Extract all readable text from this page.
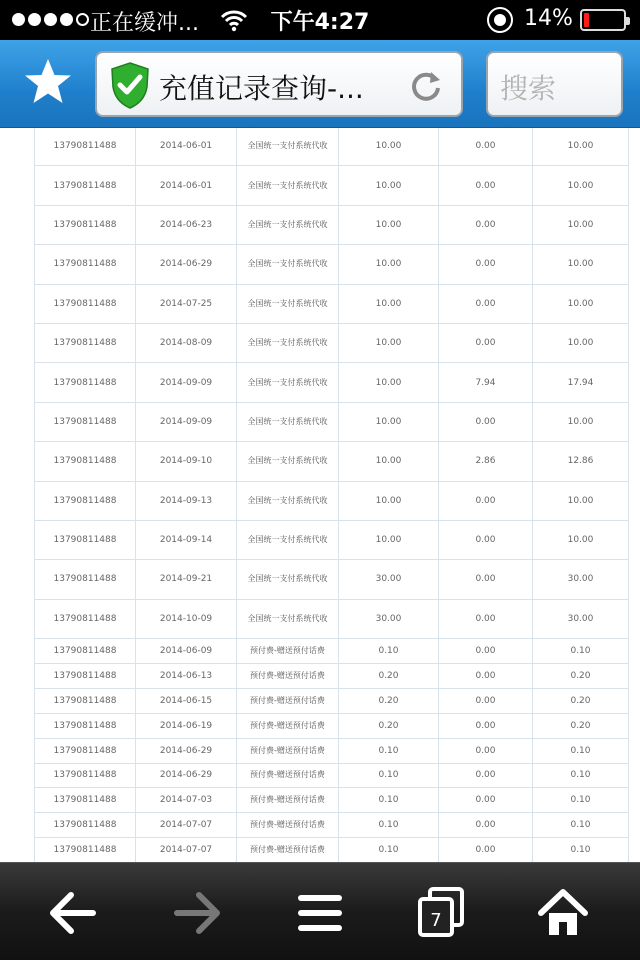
正在缓冲...	下午4:27	14%
充值记录查询-...	搜索
13790811488	2014-06-01	全国统一支付系统代收	10.00	0.00	10.00
13790811488	2014-06-01	全国统一支付系统代收	10.00	0.00	10.00
13790811488	2014-06-23	全国统一支付系统代收	10.00	0.00	10.00
13790811488	2014-06-29	全国统一支付系统代收	10.00	0.00	10.00
13790811488	2014-07-25	全国统一支付系统代收	10.00	0.00	10.00
13790811488	2014-08-09	全国统一支付系统代收	10.00	0.00	10.00
13790811488	2014-09-09	全国统一支付系统代收	10.00	7.94	17.94
13790811488	2014-09-09	全国统一支付系统代收	10.00	0.00	10.00
13790811488	2014-09-10	全国统一支付系统代收	10.00	2.86	12.86
13790811488	2014-09-13	全国统一支付系统代收	10.00	0.00	10.00
13790811488	2014-09-14	全国统一支付系统代收	10.00	0.00	10.00
13790811488	2014-09-21	全国统一支付系统代收	30.00	0.00	30.00
13790811488	2014-10-09	全国统一支付系统代收	30.00	0.00	30.00
13790811488	2014-06-09	预付费-赠送预付话费	0.10	0.00	0.10
13790811488	2014-06-13	预付费-赠送预付话费	0.20	0.00	0.20
13790811488	2014-06-15	预付费-赠送预付话费	0.20	0.00	0.20
13790811488	2014-06-19	预付费-赠送预付话费	0.20	0.00	0.20
13790811488	2014-06-29	预付费-赠送预付话费	0.10	0.00	0.10
13790811488	2014-06-29	预付费-赠送预付话费	0.10	0.00	0.10
13790811488	2014-07-03	预付费-赠送预付话费	0.10	0.00	0.10
13790811488	2014-07-07	预付费-赠送预付话费	0.10	0.00	0.10
13790811488	2014-07-07	预付费-赠送预付话费	0.10	0.00	0.10
7
